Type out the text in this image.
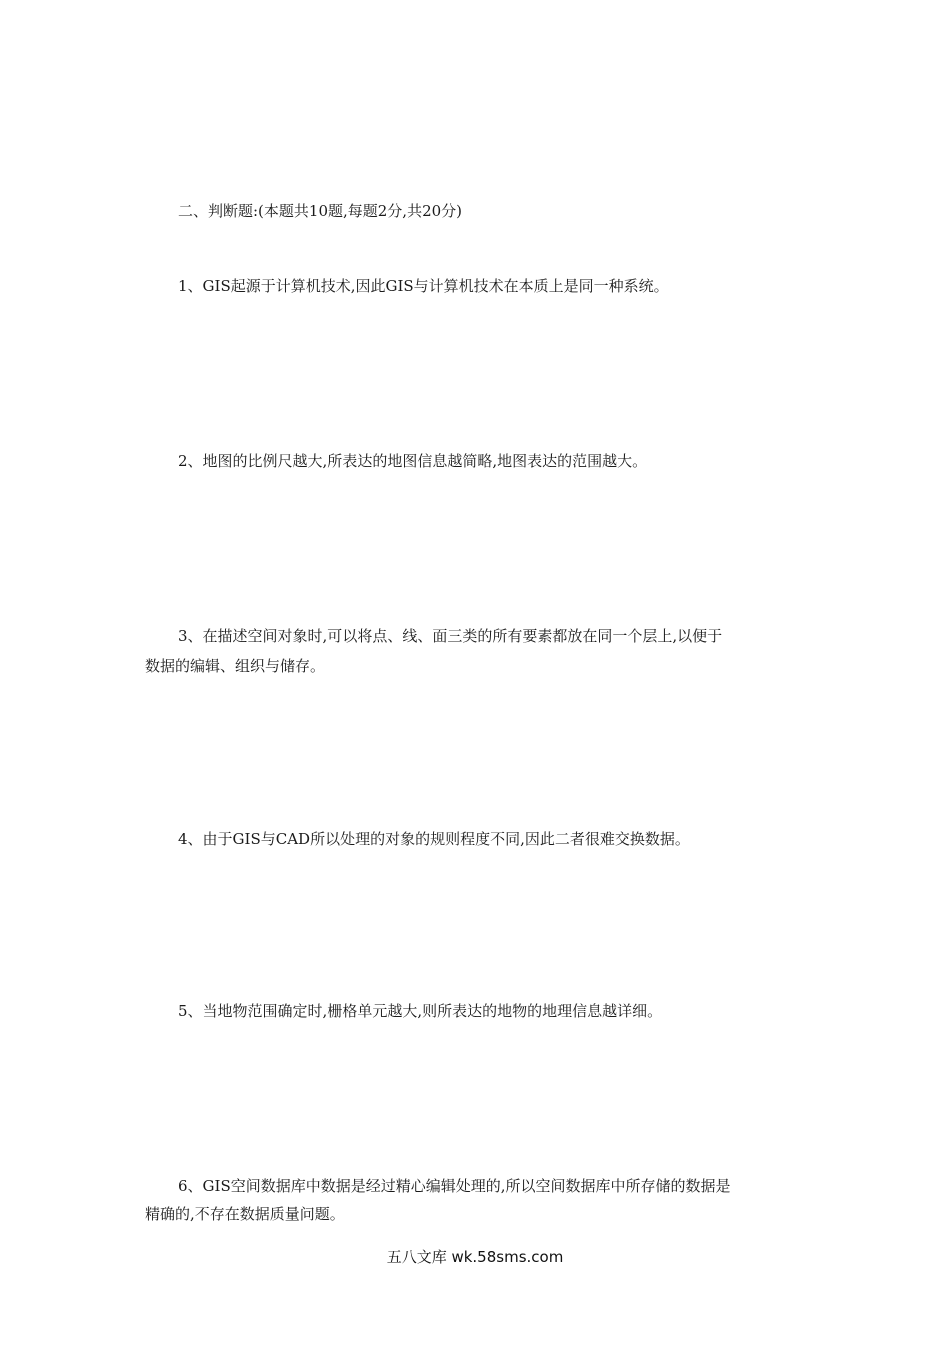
二、判断题:(本题共10题,每题2分,共20分)
1、GIS起源于计算机技术,因此GIS与计算机技术在本质上是同一种系统。
2、地图的比例尺越大,所表达的地图信息越简略,地图表达的范围越大。
3、在描述空间对象时,可以将点、线、面三类的所有要素都放在同一个层上,以便于
数据的编辑、组织与储存。
4、由于GIS与CAD所以处理的对象的规则程度不同,因此二者很难交换数据。
5、当地物范围确定时,栅格单元越大,则所表达的地物的地理信息越详细。
6、GIS空间数据库中数据是经过精心编辑处理的,所以空间数据库中所存储的数据是
精确的,不存在数据质量问题。
五八文库 wk.58sms.com
